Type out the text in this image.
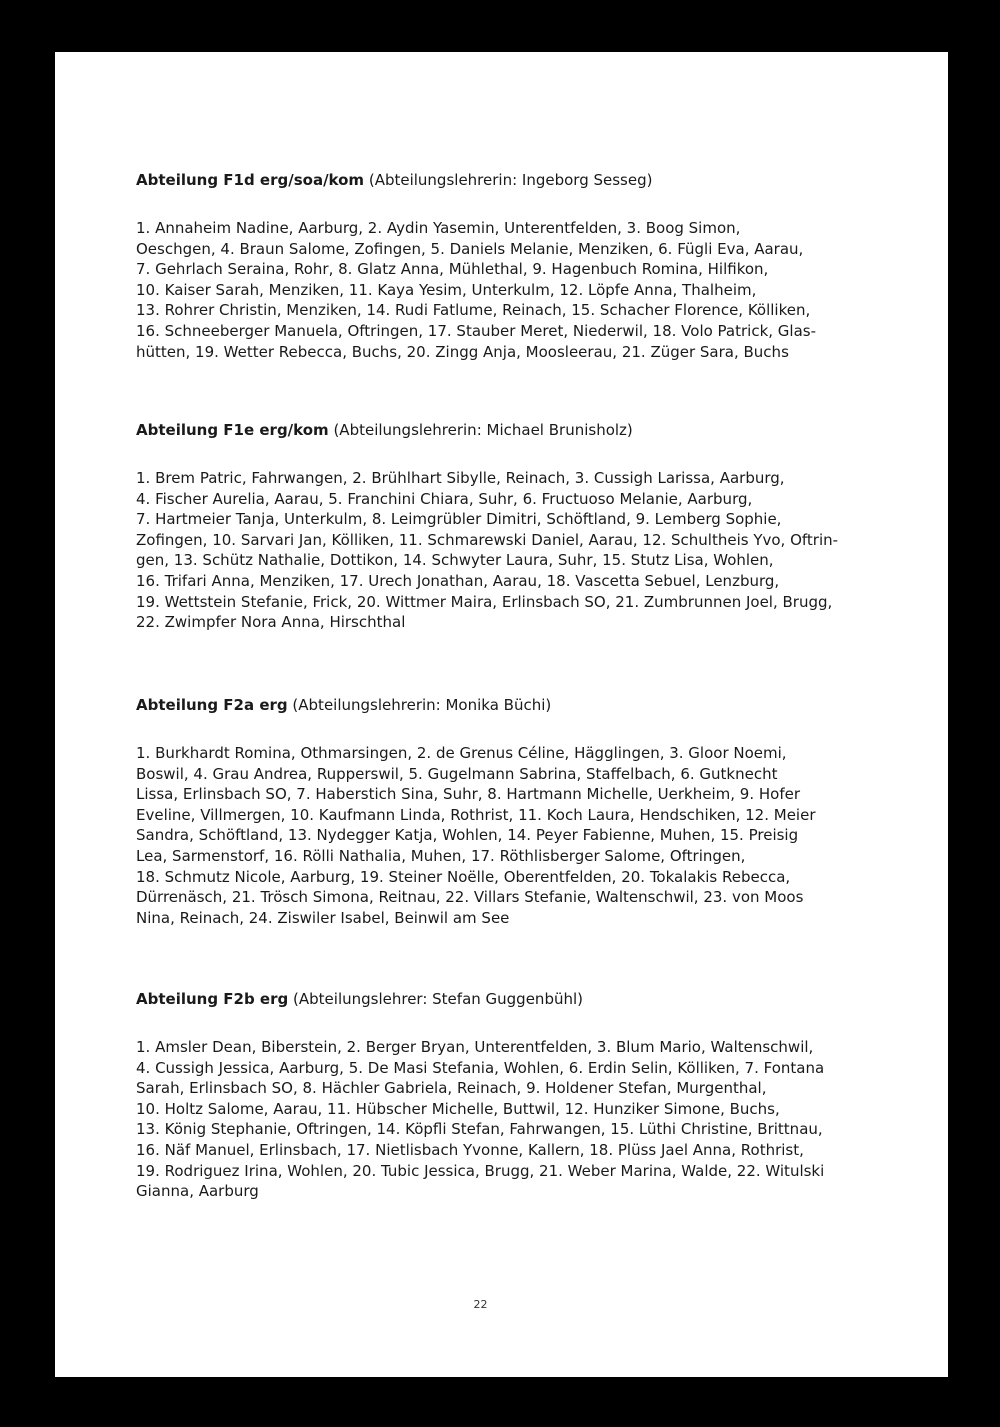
Abteilung F1d erg/soa/kom (Abteilungslehrerin: Ingeborg Sesseg)

1. Annaheim Nadine, Aarburg, 2. Aydin Yasemin, Unterentfelden, 3. Boog Simon,
Oeschgen, 4. Braun Salome, Zofingen, 5. Daniels Melanie, Menziken, 6. Fügli Eva, Aarau,
7. Gehrlach Seraina, Rohr, 8. Glatz Anna, Mühlethal, 9. Hagenbuch Romina, Hilfikon,
10. Kaiser Sarah, Menziken, 11. Kaya Yesim, Unterkulm, 12. Löpfe Anna, Thalheim,
13. Rohrer Christin, Menziken, 14. Rudi Fatlume, Reinach, 15. Schacher Florence, Kölliken,
16. Schneeberger Manuela, Oftringen, 17. Stauber Meret, Niederwil, 18. Volo Patrick, Glas-
hütten, 19. Wetter Rebecca, Buchs, 20. Zingg Anja, Moosleerau, 21. Züger Sara, Buchs

Abteilung F1e erg/kom (Abteilungslehrerin: Michael Brunisholz)

1. Brem Patric, Fahrwangen, 2. Brühlhart Sibylle, Reinach, 3. Cussigh Larissa, Aarburg,
4. Fischer Aurelia, Aarau, 5. Franchini Chiara, Suhr, 6. Fructuoso Melanie, Aarburg,
7. Hartmeier Tanja, Unterkulm, 8. Leimgrübler Dimitri, Schöftland, 9. Lemberg Sophie,
Zofingen, 10. Sarvari Jan, Kölliken, 11. Schmarewski Daniel, Aarau, 12. Schultheis Yvo, Oftrin-
gen, 13. Schütz Nathalie, Dottikon, 14. Schwyter Laura, Suhr, 15. Stutz Lisa, Wohlen,
16. Trifari Anna, Menziken, 17. Urech Jonathan, Aarau, 18. Vascetta Sebuel, Lenzburg,
19. Wettstein Stefanie, Frick, 20. Wittmer Maira, Erlinsbach SO, 21. Zumbrunnen Joel, Brugg,
22. Zwimpfer Nora Anna, Hirschthal

Abteilung F2a erg (Abteilungslehrerin: Monika Büchi)

1. Burkhardt Romina, Othmarsingen, 2. de Grenus Céline, Hägglingen, 3. Gloor Noemi,
Boswil, 4. Grau Andrea, Rupperswil, 5. Gugelmann Sabrina, Staffelbach, 6. Gutknecht
Lissa, Erlinsbach SO, 7. Haberstich Sina, Suhr, 8. Hartmann Michelle, Uerkheim, 9. Hofer
Eveline, Villmergen, 10. Kaufmann Linda, Rothrist, 11. Koch Laura, Hendschiken, 12. Meier
Sandra, Schöftland, 13. Nydegger Katja, Wohlen, 14. Peyer Fabienne, Muhen, 15. Preisig
Lea, Sarmenstorf, 16. Rölli Nathalia, Muhen, 17. Röthlisberger Salome, Oftringen,
18. Schmutz Nicole, Aarburg, 19. Steiner Noëlle, Oberentfelden, 20. Tokalakis Rebecca,
Dürrenäsch, 21. Trösch Simona, Reitnau, 22. Villars Stefanie, Waltenschwil, 23. von Moos
Nina, Reinach, 24. Ziswiler Isabel, Beinwil am See

Abteilung F2b erg (Abteilungslehrer: Stefan Guggenbühl)

1. Amsler Dean, Biberstein, 2. Berger Bryan, Unterentfelden, 3. Blum Mario, Waltenschwil,
4. Cussigh Jessica, Aarburg, 5. De Masi Stefania, Wohlen, 6. Erdin Selin, Kölliken, 7. Fontana
Sarah, Erlinsbach SO, 8. Hächler Gabriela, Reinach, 9. Holdener Stefan, Murgenthal,
10. Holtz Salome, Aarau, 11. Hübscher Michelle, Buttwil, 12. Hunziker Simone, Buchs,
13. König Stephanie, Oftringen, 14. Köpfli Stefan, Fahrwangen, 15. Lüthi Christine, Brittnau,
16. Näf Manuel, Erlinsbach, 17. Nietlisbach Yvonne, Kallern, 18. Plüss Jael Anna, Rothrist,
19. Rodriguez Irina, Wohlen, 20. Tubic Jessica, Brugg, 21. Weber Marina, Walde, 22. Witulski
Gianna, Aarburg
22
